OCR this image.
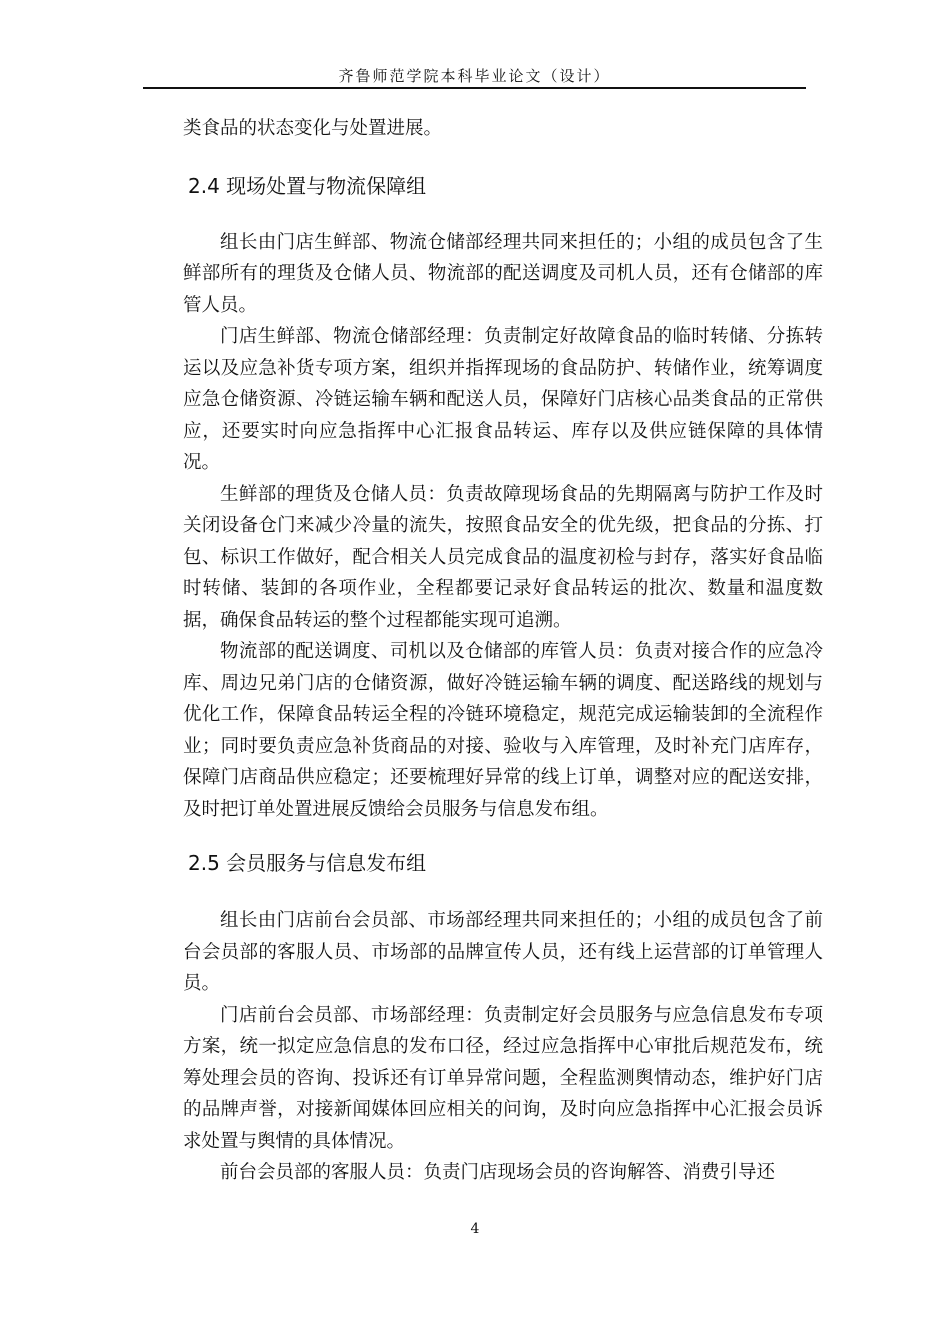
齐鲁师范学院本科毕业论文（设计）

类食品的状态变化与处置进展。

2.4 现场处置与物流保障组

组长由门店生鲜部、物流仓储部经理共同来担任的；小组的成员包含了生鲜部所有的理货及仓储人员、物流部的配送调度及司机人员，还有仓储部的库管人员。

门店生鲜部、物流仓储部经理：负责制定好故障食品的临时转储、分拣转运以及应急补货专项方案，组织并指挥现场的食品防护、转储作业，统筹调度应急仓储资源、冷链运输车辆和配送人员，保障好门店核心品类食品的正常供应，还要实时向应急指挥中心汇报食品转运、库存以及供应链保障的具体情况。

生鲜部的理货及仓储人员：负责故障现场食品的先期隔离与防护工作及时关闭设备仓门来减少冷量的流失，按照食品安全的优先级，把食品的分拣、打包、标识工作做好，配合相关人员完成食品的温度初检与封存，落实好食品临时转储、装卸的各项作业，全程都要记录好食品转运的批次、数量和温度数据，确保食品转运的整个过程都能实现可追溯。

物流部的配送调度、司机以及仓储部的库管人员：负责对接合作的应急冷库、周边兄弟门店的仓储资源，做好冷链运输车辆的调度、配送路线的规划与优化工作，保障食品转运全程的冷链环境稳定，规范完成运输装卸的全流程作业；同时要负责应急补货商品的对接、验收与入库管理，及时补充门店库存，保障门店商品供应稳定；还要梳理好异常的线上订单，调整对应的配送安排，及时把订单处置进展反馈给会员服务与信息发布组。

2.5 会员服务与信息发布组

组长由门店前台会员部、市场部经理共同来担任的；小组的成员包含了前台会员部的客服人员、市场部的品牌宣传人员，还有线上运营部的订单管理人员。

门店前台会员部、市场部经理：负责制定好会员服务与应急信息发布专项方案，统一拟定应急信息的发布口径，经过应急指挥中心审批后规范发布，统筹处理会员的咨询、投诉还有订单异常问题，全程监测舆情动态，维护好门店的品牌声誉，对接新闻媒体回应相关的问询，及时向应急指挥中心汇报会员诉求处置与舆情的具体情况。

前台会员部的客服人员：负责门店现场会员的咨询解答、消费引导还

4
